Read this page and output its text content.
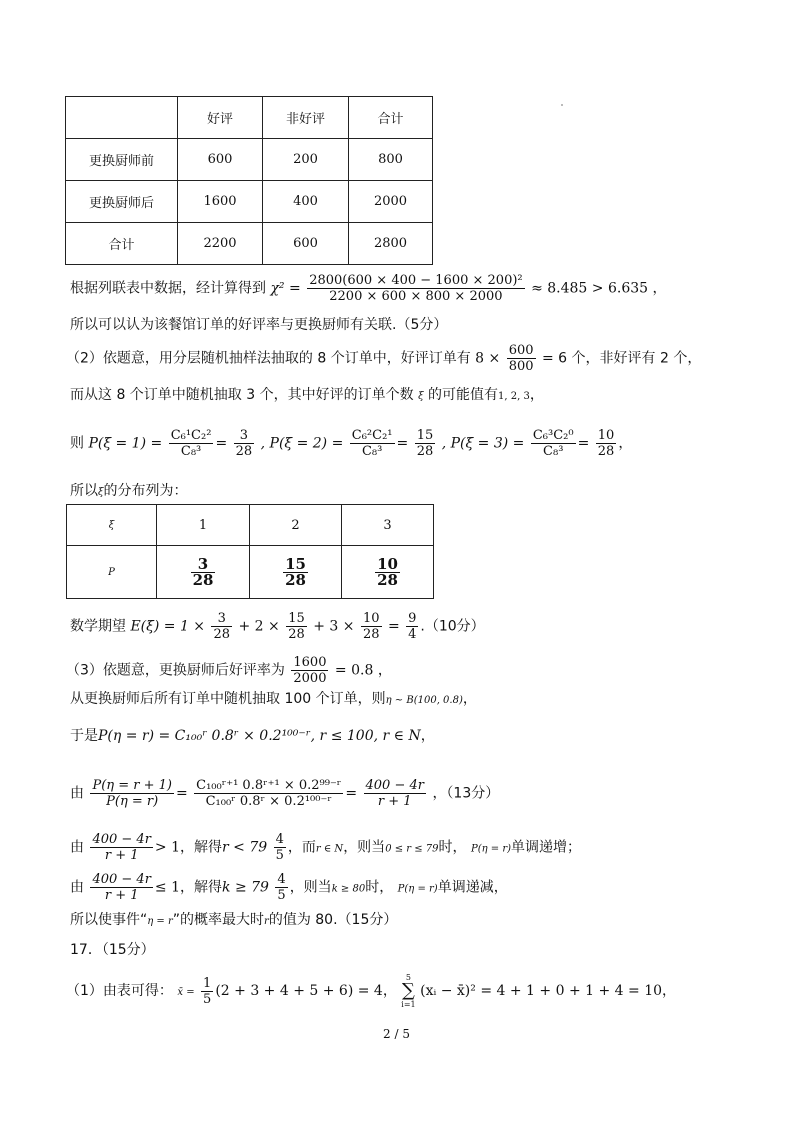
	好评	非好评	合计
更换厨师前	600	200	800
更换厨师后	1600	400	2000
合计	2200	600	2800
根据列联表中数据，经计算得到 $\chi^2 = \frac{\text{2800(600 × 400 − 1600 × 200)²}}{2200 \times 600 \times 800 \times 2000} \approx 8.485 > 6.635$ ，
所以可以认为该餐馆订单的好评率与更换厨师有关联.（5分）
（2）依题意，用分层随机抽样法抽取的 8 个订单中，好评订单有 $8 \times \frac{600}{800} = 6$ 个，非好评有 2 个，
而从这 8 个订单中随机抽取 3 个，其中好评的订单个数 ξ 的可能值有1, 2, 3，
则 $P(\xi = 1) = \frac{\text{C₆¹C₂²}}{\text{C₈³}} = \frac{3}{28}$ , $P(\xi = 2) = \frac{\text{C₆²C₂¹}}{\text{C₈³}} = \frac{15}{28}$ , $P(\xi = 3) = \frac{\text{C₆³C₂⁰}}{\text{C₈³}} = \frac{10}{28}$ ，
所以ξ的分布列为：
ξ	1	2	3
P	$\frac{3}{28}$	$\frac{15}{28}$	$\frac{10}{28}$
数学期望 $E(\xi) = 1 \times \frac{3}{28} + 2 \times \frac{15}{28} + 3 \times \frac{10}{28} = \frac{9}{4} .(10$分）
（3）依题意，更换厨师后好评率为 $\frac{1600}{2000} = 0.8$ ，
从更换厨师后所有订单中随机抽取 100 个订单，则η ~ B(100, 0.8)，
于是P(η = r) = C₁₀₀ʳ 0.8ʳ × 0.2¹⁰⁰⁻ʳ, r ≤ 100, r ∈ N，
由 $\frac{P(\eta = r + 1)}{P(\eta = r)} = \frac{\text{C₁₀₀ʳ⁺¹ 0.8ʳ⁺¹ × 0.2⁹⁹⁻ʳ}}{\text{C₁₀₀ʳ 0.8ʳ × 0.2¹⁰⁰⁻ʳ}} = \frac{400 - 4r}{r + 1}$ ，（13分）
由 $\frac{400 - 4r}{r + 1} > 1$，解得$r < 79 \frac{4}{5}$ ，而r ∈ N，则当0 ≤ r ≤ 79时， P(η = r)单调递增；
由 $\frac{400 - 4r}{r + 1} \le 1$，解得$k \ge 79 \frac{4}{5}$ ，则当k ≥ 80时， P(η = r)单调递减，
所以使事件“η = r”的概率最大时r的值为 80.（15分）
17．（15分）
（1）由表可得： x̄ = $\frac{1}{5} (2 + 3 + 4 + 5 + 6) = 4$，
5
∑
i=1
(xᵢ − x̄)² = 4 + 1 + 0 + 1 + 4 = 10，
2 / 5
